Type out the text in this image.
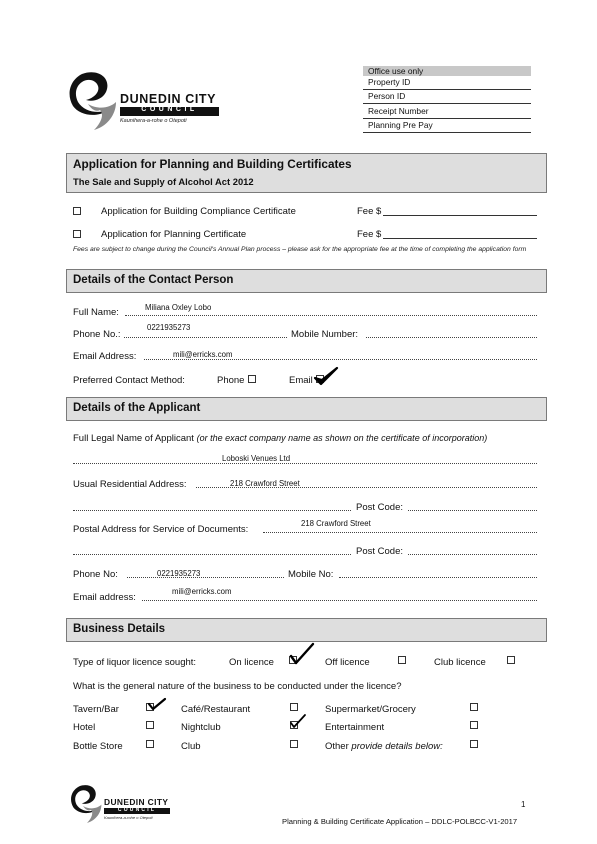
DUNEDIN CITY
COUNCIL
Kaunihera-a-rohe o Otepoti
Office use only
Property ID
Person ID
Receipt Number
Planning Pre Pay
Application for Planning and Building Certificates
The Sale and Supply of Alcohol Act 2012
Application for Building Compliance Certificate	Fee $
Application for Planning Certificate	Fee $
Fees are subject to change during the Council's Annual Plan process – please ask for the appropriate fee at the time of completing the application form
Details of the Contact Person
Full Name:	Miliana Oxley Lobo
Phone No.:
0221935273
Mobile Number:
Email Address:	mili@erricks.com
Preferred Contact Method:	Phone	Email
Details of the Applicant
Full Legal Name of Applicant (or the exact company name as shown on the certificate of incorporation)
Loboski Venues Ltd
Usual Residential Address:	218 Crawford Street
Post Code:
Postal Address for Service of Documents:
218 Crawford Street
Post Code:
Phone No:	0221935273	Mobile No:
Email address:
mili@erricks.com
Business Details
Type of liquor licence sought:	On licence	Off licence	Club licence
What is the general nature of the business to be conducted under the licence?
Tavern/Bar	Café/Restaurant	Supermarket/Grocery
Hotel	Nightclub	Entertainment
Bottle Store	Club	Other provide details below:
DUNEDIN CITY
COUNCIL
Kaunihera-a-rohe o Otepoti
1
Planning & Building Certificate Application – DDLC-POLBCC-V1-2017
